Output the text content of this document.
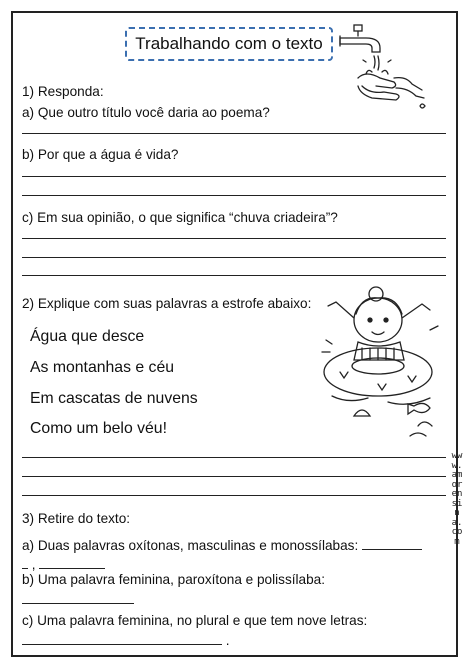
Trabalhando com o texto
1) Responda:
a) Que outro título você daria ao poema?
b) Por que a água é vida?
c) Em sua opinião, o que significa “chuva criadeira”?
2) Explique com suas palavras a estrofe abaixo:
Água que desce
As montanhas e céu
Em cascatas de nuvens
Como um belo véu!
3) Retire do texto:
a) Duas palavras oxítonas, masculinas e monossílabas:
,
b) Uma palavra feminina, paroxítona e polissílaba:
c) Uma palavra feminina, no plural e que tem nove letras:
.
www.amorensina.com
